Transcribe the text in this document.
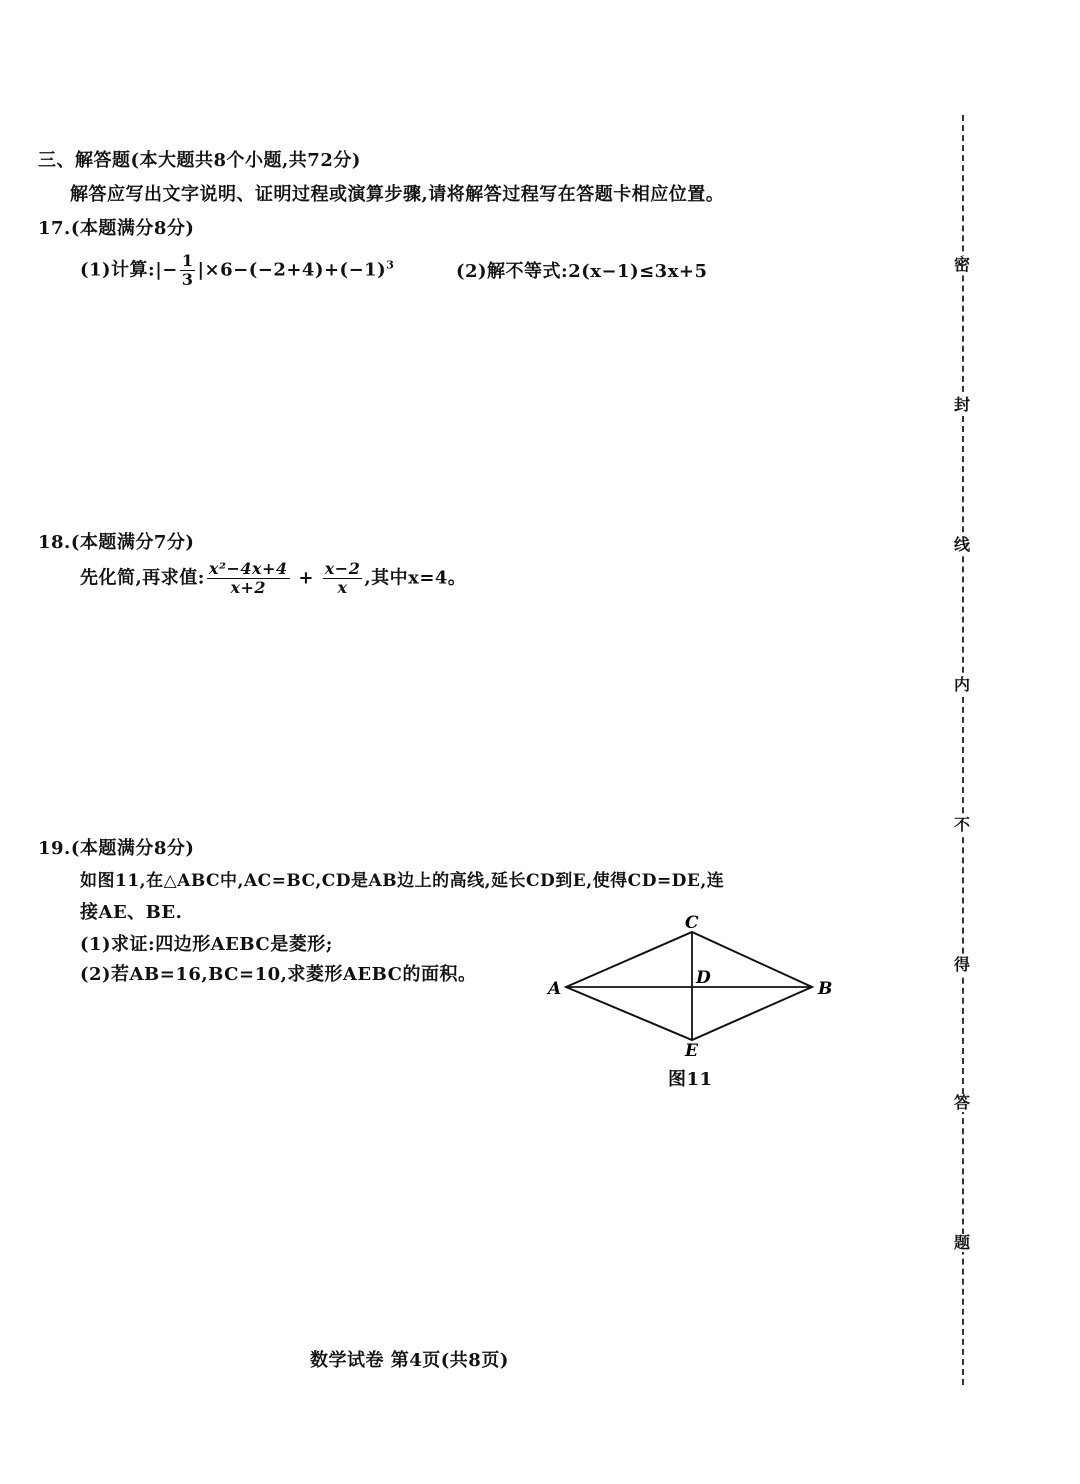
三、解答题(本大题共8个小题,共72分)
解答应写出文字说明、证明过程或演算步骤,请将解答过程写在答题卡相应位置。
17.(本题满分8分)
(1)计算:|− $\frac{1}{3} |\times 6-(-2+4)+(-1)^3$	(2)解不等式:2(x−1)≤3x+5
18.(本题满分7分)
先化简,再求值: $\frac{\text{x²−4x+4}}{x+2} + \frac{x-2}{x}$ ,其中x=4。
19.(本题满分8分)
如图11,在△ABC中,AC=BC,CD是AB边上的高线,延长CD到E,使得CD=DE,连
接AE、BE.
(1)求证:四边形AEBC是菱形;
(2)若AB=16,BC=10,求菱形AEBC的面积。
A	B
C
D
E
图11
数学试卷 第4页(共8页)
密
封
线
内
不
得
答
题
